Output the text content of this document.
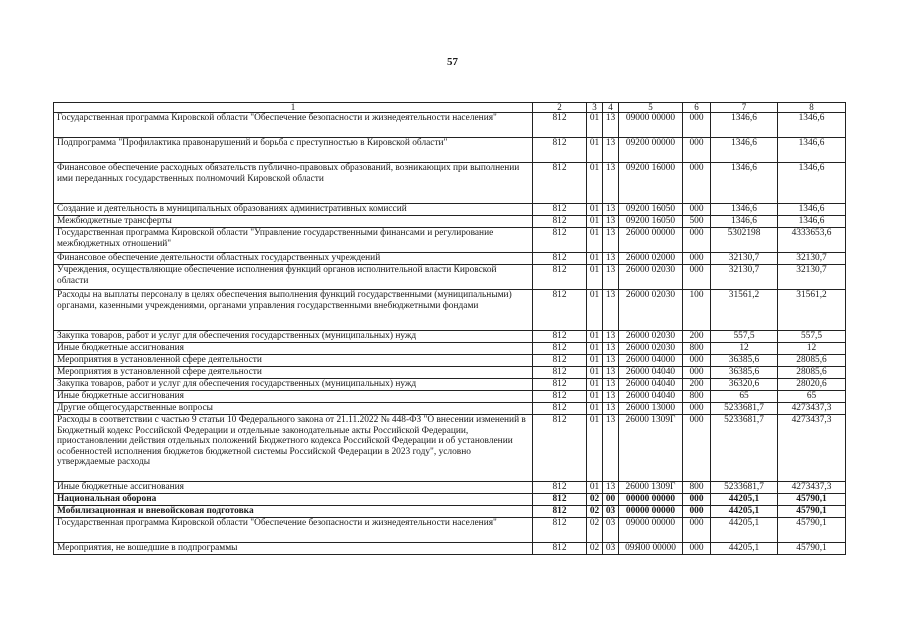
57
1	2	3	4	5	6	7	8
Государственная программа Кировской области "Обеспечение безопасности и жизнедеятельности населения"	812	01	13	09000 00000	000	1346,6	1346,6
Подпрограмма "Профилактика правонарушений и борьба с преступностью в Кировской области"	812	01	13	09200 00000	000	1346,6	1346,6
Финансовое обеспечение расходных обязательств публично-правовых образований, возникающих при выполнении ими переданных государственных полномочий Кировской области	812	01	13	09200 16000	000	1346,6	1346,6
Создание и деятельность в муниципальных образованиях административных комиссий	812	01	13	09200 16050	000	1346,6	1346,6
Межбюджетные трансферты	812	01	13	09200 16050	500	1346,6	1346,6
Государственная программа Кировской области "Управление государственными финансами и регулирование межбюджетных отношений"	812	01	13	26000 00000	000	5302198	4333653,6
Финансовое обеспечение деятельности областных государственных учреждений	812	01	13	26000 02000	000	32130,7	32130,7
Учреждения, осуществляющие обеспечение исполнения функций органов исполнительной власти Кировской области	812	01	13	26000 02030	000	32130,7	32130,7
Расходы на выплаты персоналу в целях обеспечения выполнения функций государственными (муниципальными) органами, казенными учреждениями, органами управления государственными внебюджетными фондами	812	01	13	26000 02030	100	31561,2	31561,2
Закупка товаров, работ и услуг для обеспечения государственных (муниципальных) нужд	812	01	13	26000 02030	200	557,5	557,5
Иные бюджетные ассигнования	812	01	13	26000 02030	800	12	12
Мероприятия в установленной сфере деятельности	812	01	13	26000 04000	000	36385,6	28085,6
Мероприятия в установленной сфере деятельности	812	01	13	26000 04040	000	36385,6	28085,6
Закупка товаров, работ и услуг для обеспечения государственных (муниципальных) нужд	812	01	13	26000 04040	200	36320,6	28020,6
Иные бюджетные ассигнования	812	01	13	26000 04040	800	65	65
Другие общегосударственные вопросы	812	01	13	26000 13000	000	5233681,7	4273437,3
Расходы в соответствии с частью 9 статьи 10 Федерального закона от 21.11.2022 № 448-ФЗ "О внесении изменений в Бюджетный кодекс Российской Федерации и отдельные законодательные акты Российской Федерации, приостановлении действия отдельных положений Бюджетного кодекса Российской Федерации и об установлении особенностей исполнения бюджетов бюджетной системы Российской Федерации в 2023 году", условно утверждаемые расходы	812	01	13	26000 1309Г	000	5233681,7	4273437,3
Иные бюджетные ассигнования	812	01	13	26000 1309Г	800	5233681,7	4273437,3
Национальная оборона	812	02	00	00000 00000	000	44205,1	45790,1
Мобилизационная и вневойсковая подготовка	812	02	03	00000 00000	000	44205,1	45790,1
Государственная программа Кировской области "Обеспечение безопасности и жизнедеятельности населения"	812	02	03	09000 00000	000	44205,1	45790,1
Мероприятия, не вошедшие в подпрограммы	812	02	03	09Я00 00000	000	44205,1	45790,1
